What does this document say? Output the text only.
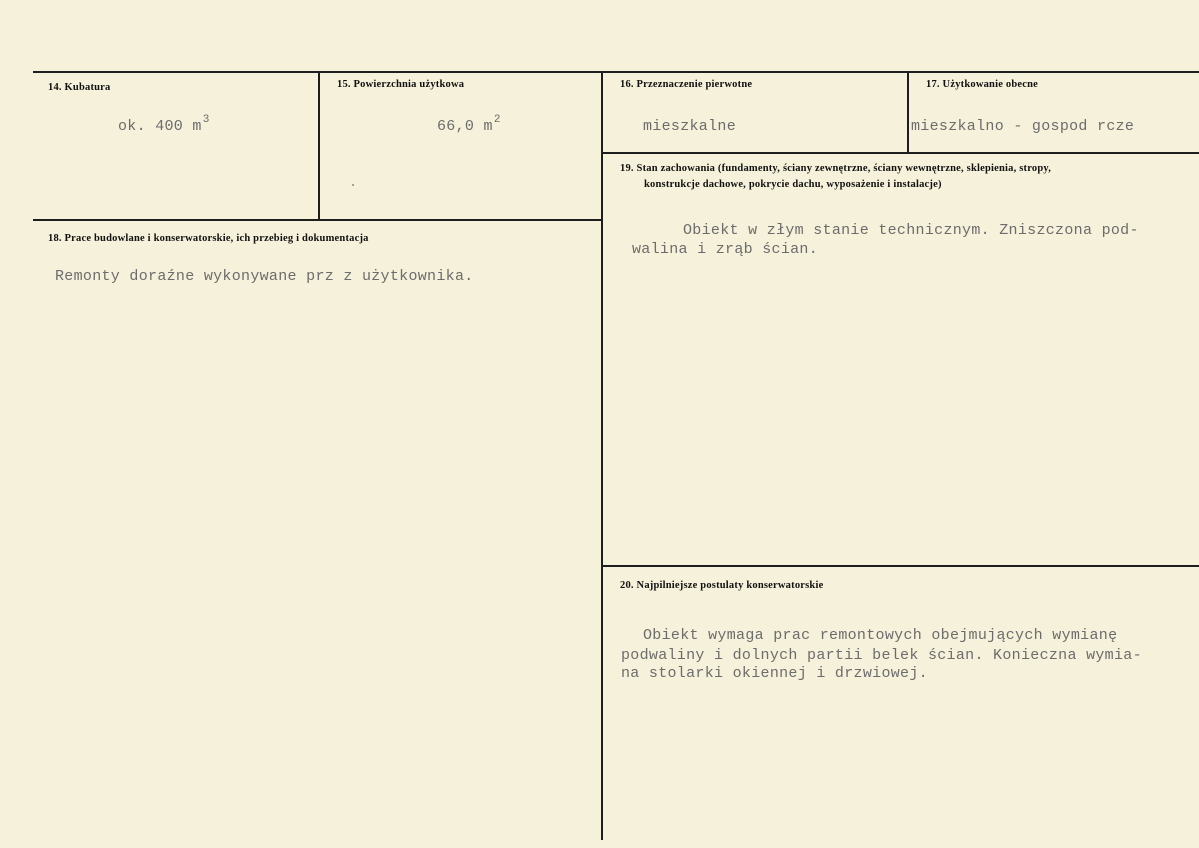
14. Kubatura
ok. 400 $m^3$
15. Powierzchnia użytkowa
66,0 $m^2$
16. Przeznaczenie pierwotne
mieszkalne
17. Użytkowanie obecne
mieszkalno - gospod rcze
18. Prace budowlane i konserwatorskie, ich przebieg i dokumentacja
Remonty doraźne wykonywane prz z użytkownika.
19. Stan zachowania (fundamenty, ściany zewnętrzne, ściany wewnętrzne, sklepienia, stropy,
konstrukcje dachowe, pokrycie dachu, wyposażenie i instalacje)
Obiekt w złym stanie technicznym. Zniszczona pod-
walina i zrąb ścian.
20. Najpilniejsze postulaty konserwatorskie
Obiekt wymaga prac remontowych obejmujących wymianę
podwaliny i dolnych partii belek ścian. Konieczna wymia-
na stolarki okiennej i drzwiowej.
